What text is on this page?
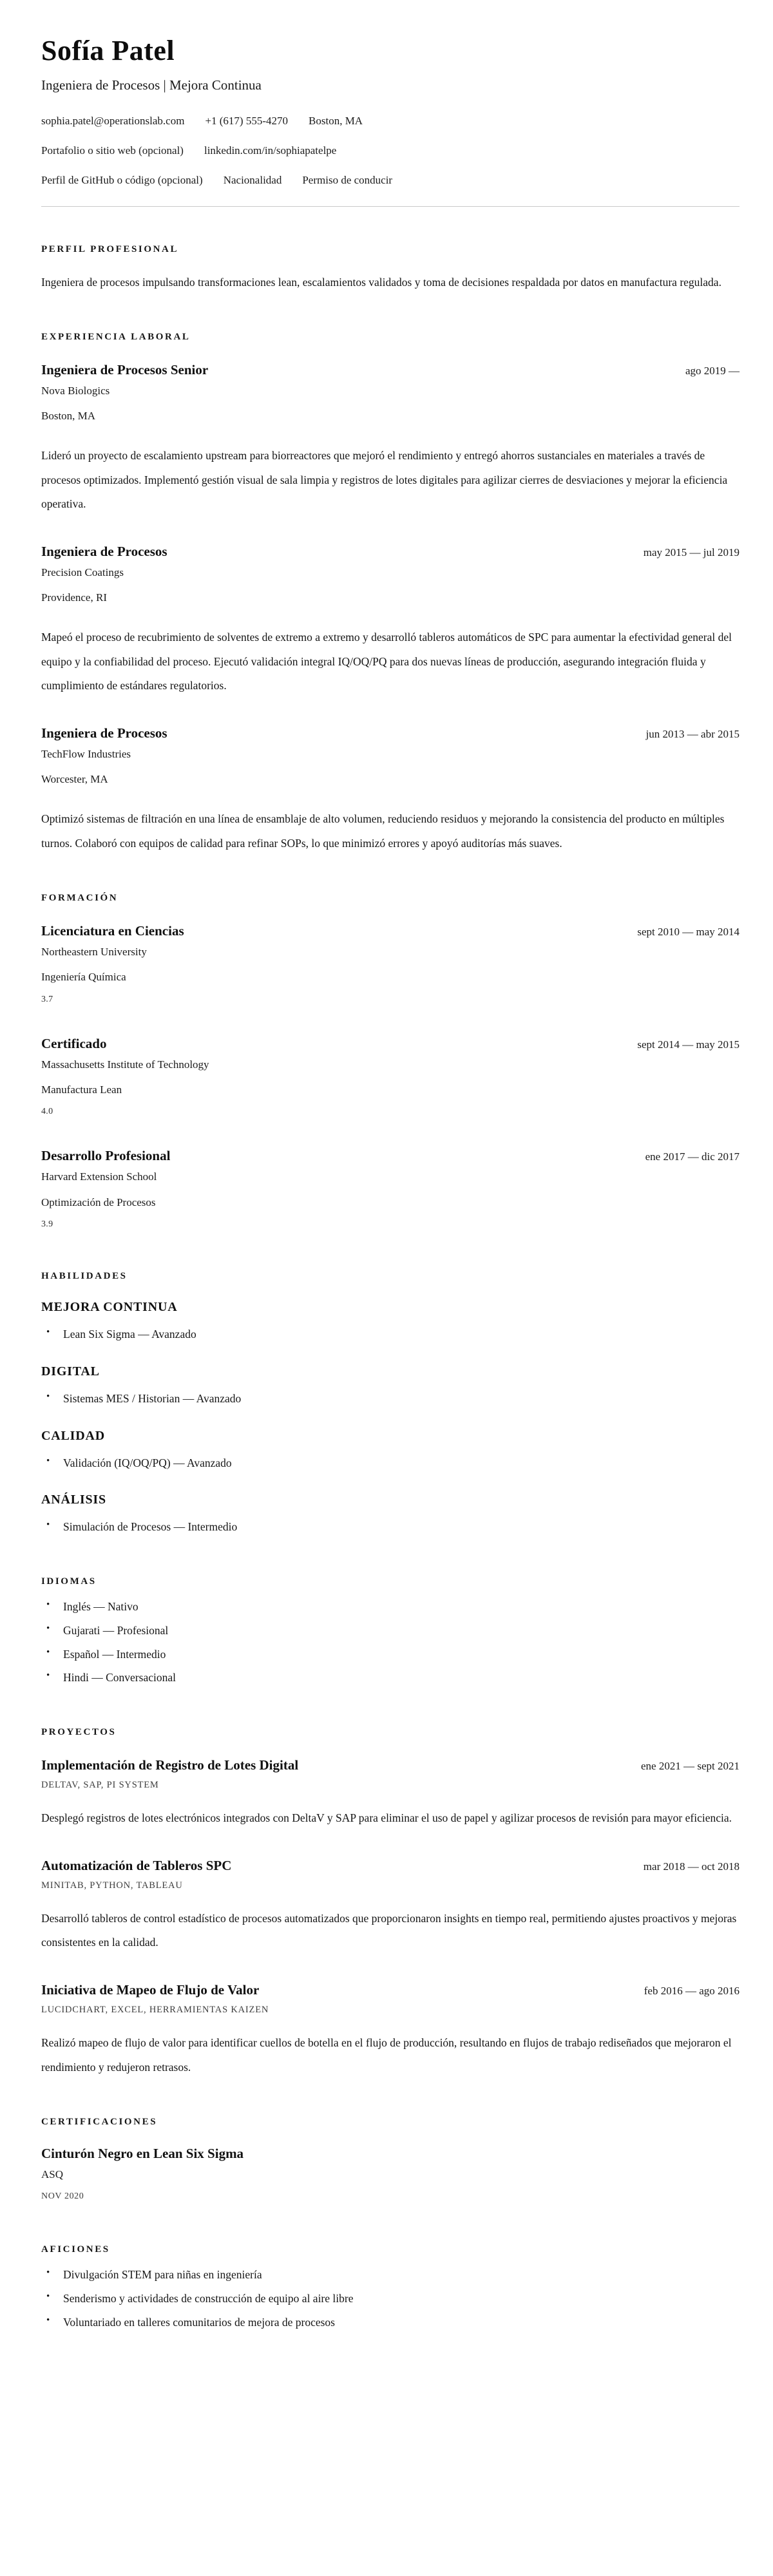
Sofía Patel
Ingeniera de Procesos | Mejora Continua
sophia.patel@operationslab.com +1 (617) 555-4270 Boston, MA
Portafolio o sitio web (opcional) linkedin.com/in/sophiapatelpe
Perfil de GitHub o código (opcional) Nacionalidad Permiso de conducir
PERFIL PROFESIONAL

Ingeniera de procesos impulsando transformaciones lean, escalamientos validados y toma de decisiones respaldada por datos en manufactura regulada.

EXPERIENCIA LABORAL
Ingeniera de Procesos Senior	ago 2019 —
Nova Biologics
Boston, MA

Lideró un proyecto de escalamiento upstream para biorreactores que mejoró el rendimiento y entregó ahorros sustanciales en materiales a través de procesos optimizados. Implementó gestión visual de sala limpia y registros de lotes digitales para agilizar cierres de desviaciones y mejorar la eficiencia operativa.

Ingeniera de Procesos	may 2015 — jul 2019
Precision Coatings
Providence, RI

Mapeó el proceso de recubrimiento de solventes de extremo a extremo y desarrolló tableros automáticos de SPC para aumentar la efectividad general del equipo y la confiabilidad del proceso. Ejecutó validación integral IQ/OQ/PQ para dos nuevas líneas de producción, asegurando integración fluida y cumplimiento de estándares regulatorios.

Ingeniera de Procesos	jun 2013 — abr 2015
TechFlow Industries
Worcester, MA

Optimizó sistemas de filtración en una línea de ensamblaje de alto volumen, reduciendo residuos y mejorando la consistencia del producto en múltiples turnos. Colaboró con equipos de calidad para refinar SOPs, lo que minimizó errores y apoyó auditorías más suaves.

FORMACIÓN
Licenciatura en Ciencias	sept 2010 — may 2014
Northeastern University
Ingeniería Química
3.7
Certificado	sept 2014 — may 2015
Massachusetts Institute of Technology
Manufactura Lean
4.0
Desarrollo Profesional	ene 2017 — dic 2017
Harvard Extension School
Optimización de Procesos
3.9
HABILIDADES
MEJORA CONTINUA
• Lean Six Sigma — Avanzado
DIGITAL
• Sistemas MES / Historian — Avanzado
CALIDAD
• Validación (IQ/OQ/PQ) — Avanzado
ANÁLISIS
• Simulación de Procesos — Intermedio
IDIOMAS
• Inglés — Nativo
• Gujarati — Profesional
• Español — Intermedio
• Hindi — Conversacional
PROYECTOS
Implementación de Registro de Lotes Digital	ene 2021 — sept 2021
DELTAV, SAP, PI SYSTEM

Desplegó registros de lotes electrónicos integrados con DeltaV y SAP para eliminar el uso de papel y agilizar procesos de revisión para mayor eficiencia.

Automatización de Tableros SPC	mar 2018 — oct 2018
MINITAB, PYTHON, TABLEAU

Desarrolló tableros de control estadístico de procesos automatizados que proporcionaron insights en tiempo real, permitiendo ajustes proactivos y mejoras consistentes en la calidad.

Iniciativa de Mapeo de Flujo de Valor	feb 2016 — ago 2016
LUCIDCHART, EXCEL, HERRAMIENTAS KAIZEN

Realizó mapeo de flujo de valor para identificar cuellos de botella en el flujo de producción, resultando en flujos de trabajo rediseñados que mejoraron el rendimiento y redujeron retrasos.

CERTIFICACIONES
Cinturón Negro en Lean Six Sigma
ASQ
NOV 2020
AFICIONES
• Divulgación STEM para niñas en ingeniería
• Senderismo y actividades de construcción de equipo al aire libre
• Voluntariado en talleres comunitarios de mejora de procesos
